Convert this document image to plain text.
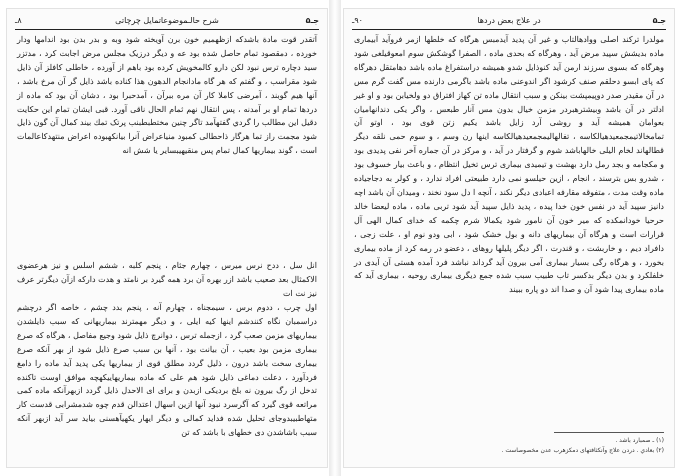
جـ۵
شرح حالـموضوعاتمایل چرچاتی
۸ـ
آتقدر قوت مادة باشدکه ازظهمیم خون برن آویخته شود وبه و بدر بدن بود اندامها ودار خورده ، دمقصود تمام حاصل شده بود عه و دیگر درزیک مجلس مرض اجابت کرد ، مدتزر سید دچاره ترس نبود لکن دارو کالمخویش کرده بود باهم از آورده ، خاطلی کافلز آن ذایل شود مقراسب ، و گفتم که هر گاه مادانجام الدهون هذا کناده باشد ذایل گر آن مرخ باشد ، آنها هیم گوبند ، آمرضی کاملا کار آن مره ببرآن ، آمدحبرا بود ، دشان آن بود که ماده از دردها تمام او بر آمدنه ، پس انتقال نهم ثمام الحال ناقی آورد. قبی ایشان تمام این حکایت دقیل این مطالب را گردي گفتهآمد تاگر چنین مختطبطبنب پرتک تمك بیند کمال آن گون ذایل شود مجمت راز تما هرگار ذاحطالی کمبود منیاعراض آنرا بیانکهبوده اعراض منتهدکاعالمات است ، گوند بیماریها کمال تمام پس منقیهیبسایر یا شش انه
انل سل ، ددح نرس میرس ، چهارم جثام ، پنجم کلبه ، ششم اسلس و نیز هرعضوی الاکمثال بعد صعیب باشد ازر بهره آن برد همه گیرد بر نامتد و هدت دارکه ازآن دیگرتر عرف نیز نت ات
اول چرب ، ددوم برس ، سیمجناه ، چهارم آنه ، پنجم بدد چشم ، خاصه اگر درچشم دراسمبان نگاه کنندشم اینها کیه ایلی ، و دیگر مهمترند بیماریهانی که سبب ذایلشدن بیماریهای مزمن صعب گرد ، ازجمله ترس ، دوانرچ ذایل شود وجیع مفاصل ، هرگاه که صرع بیماری مزمن بود بعیب ، آن بیانت بود ، آنها بن سبب صرع ذایل شود از بهر آنکه صرع بیماری سخت باشد درون ، ذلیل گردد مطلق قوی از بیماریها یکی پدید آید ماده را دامغ فردآورد ، دعلت دماغی ذایل شود هم علی که ماده بیماریهاییکهچه موافق اوست تاکنده تدخل از رگ بیرون نه بلخ بردیکی ازبدن و برای ای الاحدل ذایل گردد ازبهرآنکه ماده کمی مراتعه قوی گیرد که آگرسرد نبود آنها ازین اسهال اعتدالن قدم چوه شدمشرابی قدست کار متهاطبیبدوجای تحلیل شده فداید کمالی و دیگر ایهار یکهیآهسنی بیاید سر آید ازبهر آنکه سبب باشاشدن دی خطهای با باشد که تن
جـ۵
در علاج بعض دردها
۹۰ـ
مولدرا ترکند اصلی ووادهالتاب و غیر آن پدید آیدمبس هرگاه که خلطها ازمر فروآيد آبیماری ماده بدیشش سپید مرض آید ، وهرگاه که بحدی ماده ، الصفرا گوشکش سوم امعوقیلغی شود وهرگاه که بسوی سرزند ارمن آید کنوذایل شدو همیشه دراستفراغ ماده باشد دهامتقل دهرگاه که پای ابسو دحلقم صنف کرشود اگر اندوعنی ماده باشد باگرمی دارنده مس گفت گرم مس در آن مقیدر صدر دوپیمپشت بینکن و سبب انتقال ماده تن کهاز افتراق دو ولخیابن بود و او غیر ادلتر در آن باشد وبیشترهبردر مزمن خیال بدون مس آنار طبعس ، واگر یکی دندانهامیان بعوامان همیشه آید و روشی آرد زایل باشد یکیم زتن قوی بود ، اوتو آن تمامخالاتیمجمعیدهیالکاسه ، تفالهالیمجمعیدهیالکاسه اینها رن وسم ، و سوم حمی نلقه دیگر قطالهاند لخام الیلی خالهاباشد شوم و گرفتار در آید ، و مرکز در آن جماره آخر نفی پدیدی بود و مکجامه و بجد رمل دارد بهشت و تیمیدی بیماری ترس تخیل انتظام ، و باعث بیار خسوف بود ، شدرو بس بترسند ، انجام ، ازین حیلسو نمی دارد طبیعتی افراد ندارد ، و کولر به دجاجیاده ماده وقت مدت ، متفوقه مقارفه اعبادی دیگر نکند ، آنچه ا دل سود نخند ، ومیدان آن باشد اچه دانیز سپید آید در نفس خون خدا پیده ، پدید ذایل سپید آید شود تربی ماده ، ماده لیعضا خالد حرحیا خودانمکده که میر خون آن نامور شود یکمالا شرم چکمه که خدای کمال الهی آل قرارات است و هرگاه آن بیماریهای دانه و بول خشک شود ، ابی ودو نوم او ، علت زجی ، دافراد دیم ، و خاربشت ، و قندرت ، اگر دیگر پلیلها روهای ، دعضو در رمه کرد از ماده بیماری بخورد ، و هرگاه رگی بسیار بیماری آمی بیرون آید گرداند نباشد فرد آمده هستی آن آیدی در خلفلکرد و بدن دیگر بدکسر تاب طبیب سبب شده جمع دیگری بیماری روحیه ، بیماری آید که ماده بیماری پیدا شود آن و صدا اند دو پاره ببیند
(۱) ـ صمبارد باشد .
(۲) بعادي . دردن علاج وآنکثافتهای دمکزهرب عدن مخصوصاست .
